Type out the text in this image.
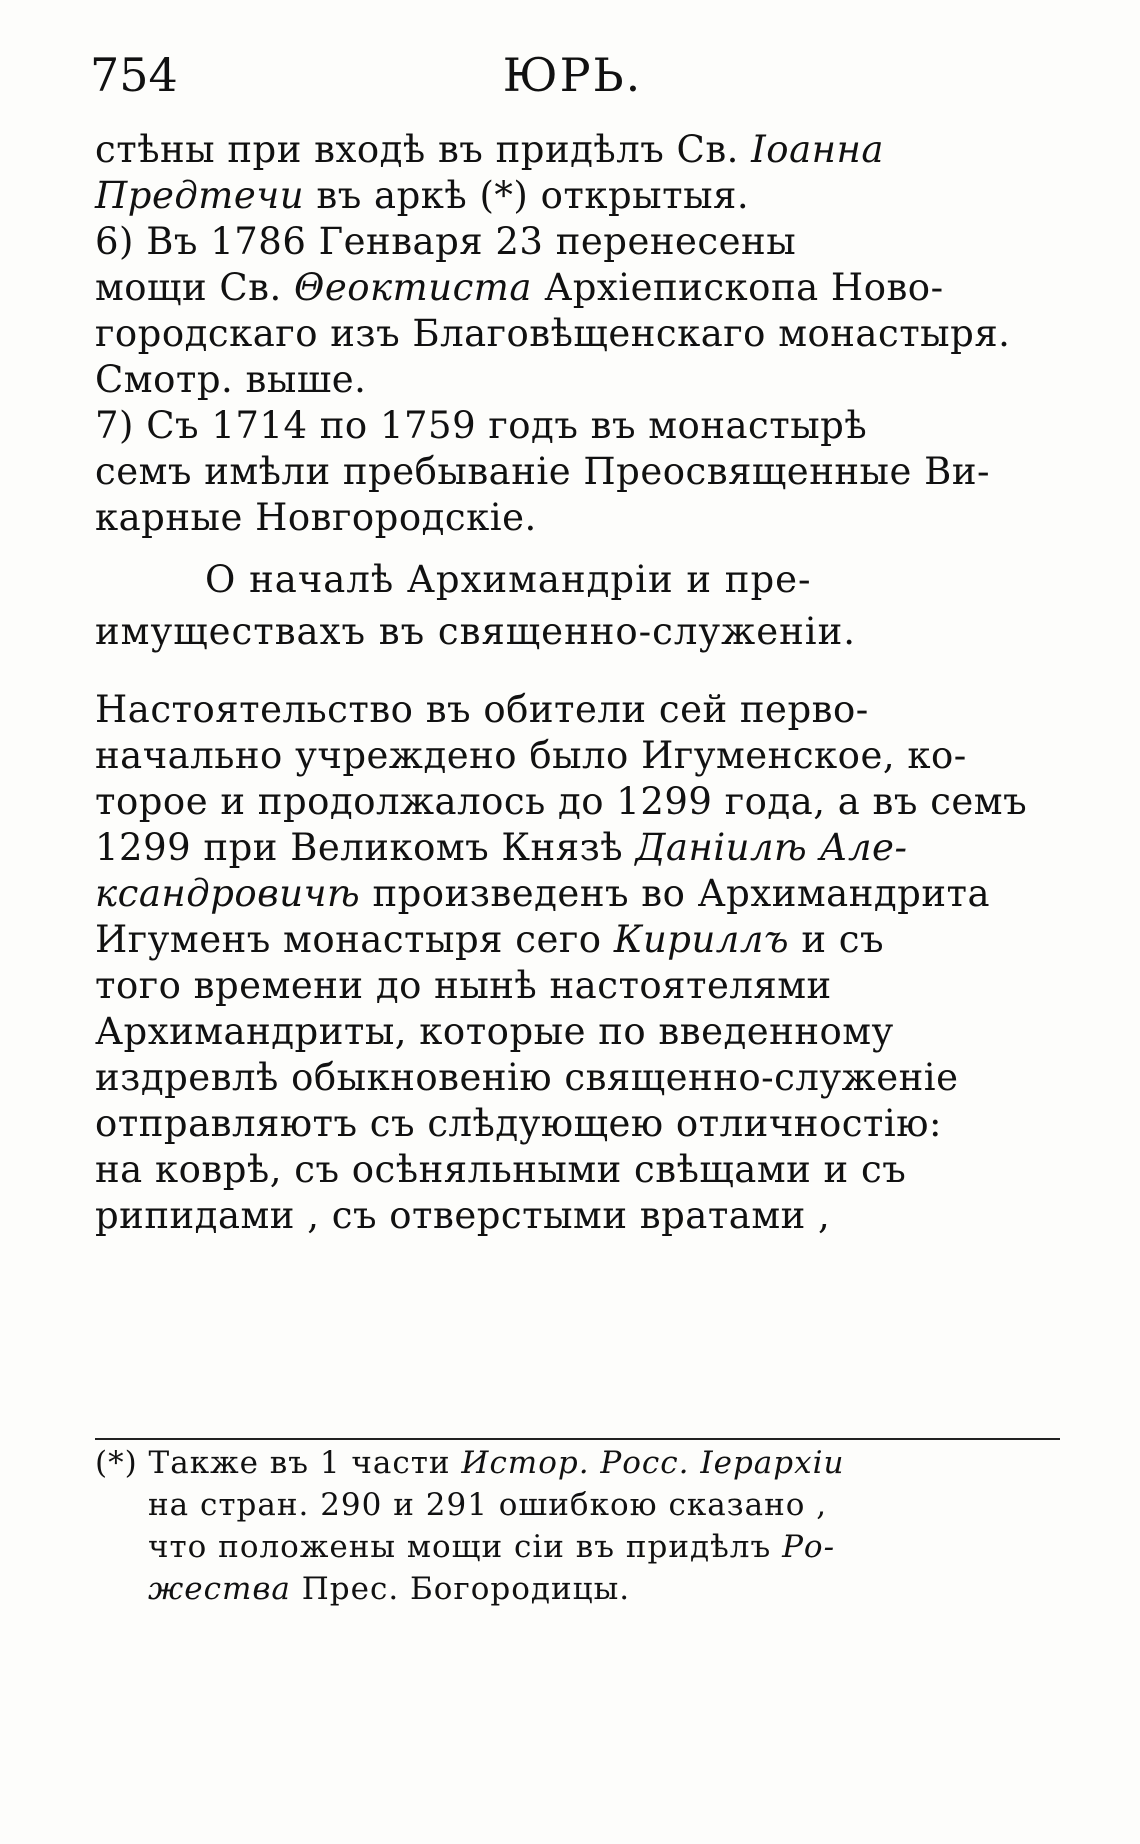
754	ЮРЬ.
стѣны при входѣ въ придѣлъ Св. Іоанна
Предтечи въ аркѣ (*) открытыя.
6) Въ 1786 Генваря 23 перенесены
мощи Св. Θеоктиста Архіепископа Ново-
городскаго изъ Благовѣщенскаго монастыря.
Смотр. выше.
7) Съ 1714 по 1759 годъ въ монастырѣ
семъ имѣли пребываніе Преосвященные Ви-
карные Новгородскіе.
О началѣ Архимандріи и пре-
имуществахъ въ священно-служеніи.
Настоятельство въ обители сей перво-
начально учреждено было Игуменское, ко-
торое и продолжалось до 1299 года, а въ семъ
1299 при Великомъ Князѣ Даніилѣ Але-
ксандровичѣ произведенъ во Архимандрита
Игуменъ монастыря сего Кириллъ и съ
того времени до нынѣ настоятелями
Архимандриты, которые по введенному
издревлѣ обыкновенію священно-служеніе
отправляютъ съ слѣдующею отличностію:
на коврѣ, съ осѣняльными свѣщами и съ
рипидами , съ отверстыми вратами ,
(*) Также въ 1 части Истор. Росс. Іерархіи
на стран. 290 и 291 ошибкою сказано ,
что положены мощи сіи въ придѣлъ Ро-
жества Прес. Богородицы.
